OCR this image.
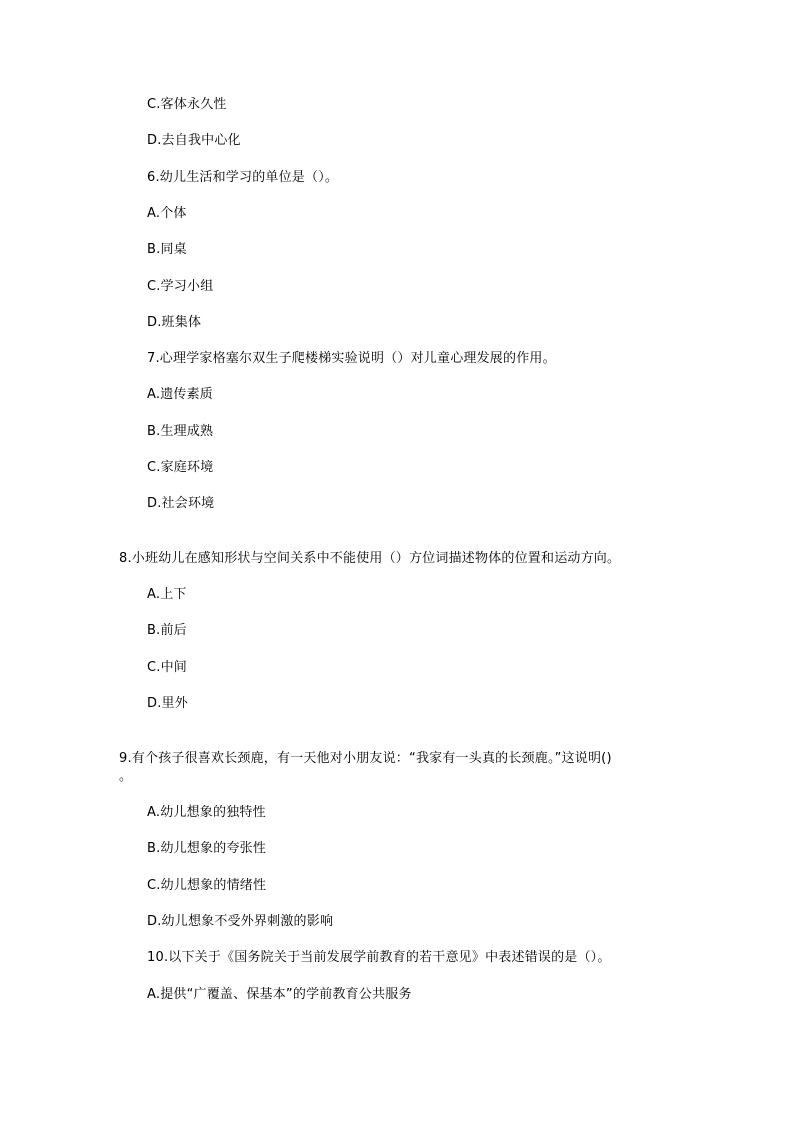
C.客体永久性
D.去自我中心化
6.幼儿生活和学习的单位是（）。
A.个体
B.同桌
C.学习小组
D.班集体
7.心理学家格塞尔双生子爬楼梯实验说明（）对儿童心理发展的作用。
A.遗传素质
B.生理成熟
C.家庭环境
D.社会环境
8.小班幼儿在感知形状与空间关系中不能使用（）方位词描述物体的位置和运动方向。
A.上下
B.前后
C.中间
D.里外
9.有个孩子很喜欢长颈鹿，有一天他对小朋友说：“我家有一头真的长颈鹿。”这说明()
。
A.幼儿想象的独特性
B.幼儿想象的夸张性
C.幼儿想象的情绪性
D.幼儿想象不受外界刺激的影响
10.以下关于《国务院关于当前发展学前教育的若干意见》中表述错误的是（）。
A.提供“广覆盖、保基本”的学前教育公共服务
